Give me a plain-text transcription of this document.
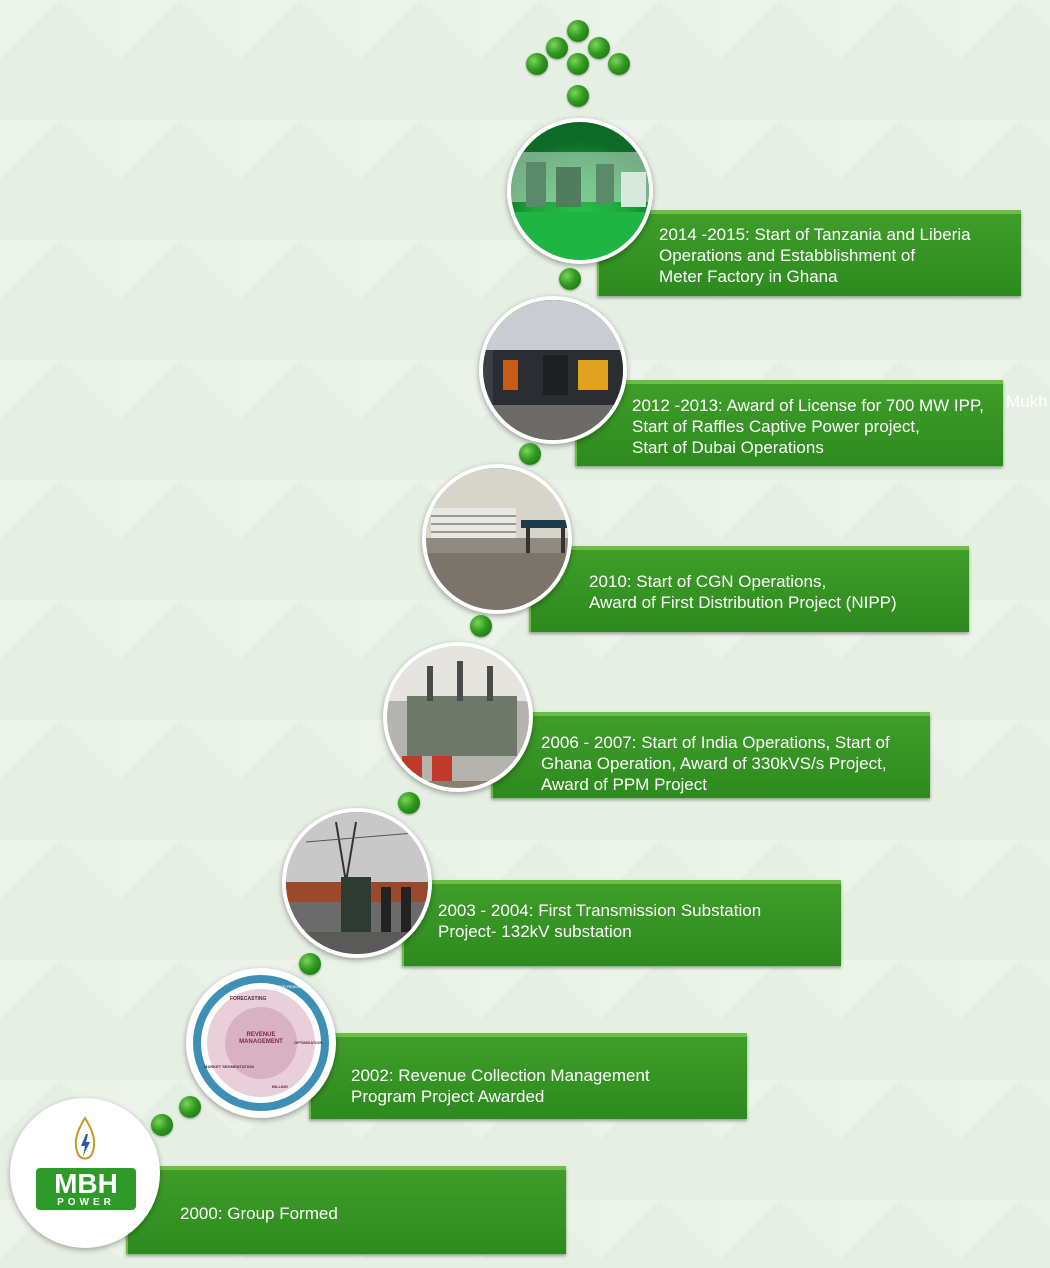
2014 -2015: Start of Tanzania and Liberia
Operations and Estabblishment of
Meter Factory in Ghana
2012 -2013: Award of License for 700 MW IPP,
Start of Raffles Captive Power project,
Start of Dubai Operations
Mukh
2010: Start of CGN Operations,
Award of First Distribution Project (NIPP)
2006 - 2007: Start of India Operations, Start of
Ghana Operation, Award of 330kVS/s Project,
Award of PPM Project
2003 - 2004: First Transmission Substation
Project- 132kV substation
2002: Revenue Collection Management
Program Project Awarded
REVENUE MANAGEMENT
FORECASTING
METER READING
OPTIMIZATION
BILLING
COLLECTION
MARKET SEGMENTATION
2000: Group Formed
MBH
POWER
